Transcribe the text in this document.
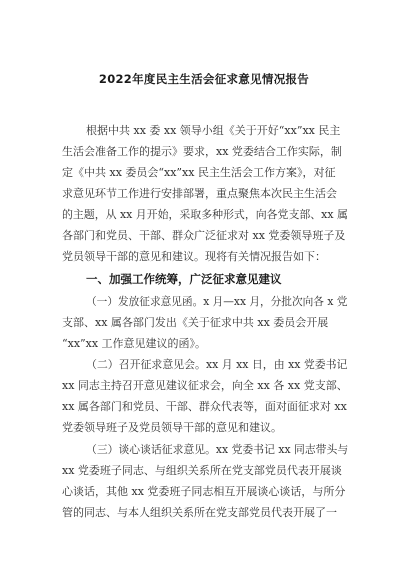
2022年度民主生活会征求意见情况报告
根据中共 xx 委 xx 领导小组《关于开好“xx”xx 民主
生活会准备工作的提示》要求，xx 党委结合工作实际，制
定《中共 xx 委员会“xx”xx 民主生活会工作方案》，对征
求意见环节工作进行安排部署，重点聚焦本次民主生活会
的主题，从 xx 月开始，采取多种形式，向各党支部、xx 属
各部门和党员、干部、群众广泛征求对 xx 党委领导班子及
党员领导干部的意见和建议。现将有关情况报告如下：
一、加强工作统筹，广泛征求意见建议
（一）发放征求意见函。x 月—xx 月，分批次向各 x 党
支部、xx 属各部门发出《关于征求中共 xx 委员会开展
“xx”xx 工作意见建议的函》。
（二）召开征求意见会。xx 月 xx 日，由 xx 党委书记
xx 同志主持召开意见建议征求会，向全 xx 各 xx 党支部、
xx 属各部门和党员、干部、群众代表等，面对面征求对 xx
党委领导班子及党员领导干部的意见和建议。
（三）谈心谈话征求意见。xx 党委书记 xx 同志带头与
xx 党委班子同志、与组织关系所在党支部党员代表开展谈
心谈话，其他 xx 党委班子同志相互开展谈心谈话，与所分
管的同志、与本人组织关系所在党支部党员代表开展了一
